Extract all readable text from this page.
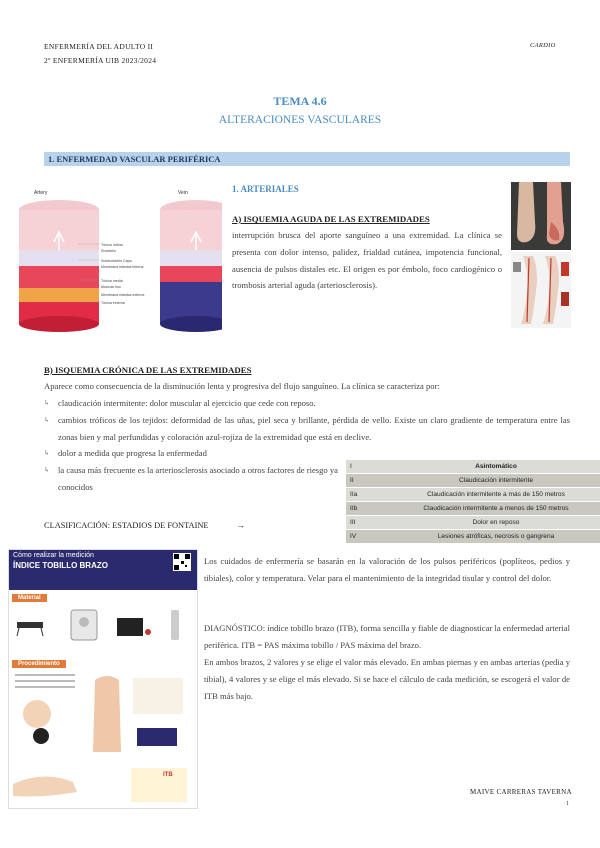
ENFERMERÍA DEL ADULTO II
2º ENFERMERÍA UIB 2023/2024
CARDIO
TEMA 4.6
ALTERACIONES VASCULARES
1. ENFERMEDAD VASCULAR PERIFÉRICA
Artery	Vein
Túnica íntima
Endotelio
Subendotelio Capa
Membrana elástica interna
Túnica media
Músculo liso
Membrana elástica externa
Túnica externa
1. ARTERIALES
A) ISQUEMIA AGUDA DE LAS EXTREMIDADES
interrupción brusca del aporte sanguíneo a una extremidad. La clínica se presenta con dolor intenso, palidez, frialdad cutánea, impotencia funcional, ausencia de pulsos distales etc. El origen es por émbolo, foco cardiogénico o trombosis arterial aguda (arteriosclerosis).
B) ISQUEMIA CRÓNICA DE LAS EXTREMIDADES
Aparece como consecuencia de la disminución lenta y progresiva del flujo sanguíneo. La clínica se caracteriza por:
↳ claudicación intermitente: dolor muscular al ejercicio que cede con reposo.
↳ cambios tróficos de los tejidos: deformidad de las uñas, piel seca y brillante, pérdida de vello. Existe un claro gradiente de temperatura entre las zonas bien y mal perfundidas y coloración azul-rojiza de la extremidad que está en declive.
↳ dolor a medida que progresa la enfermedad
↳ la causa más frecuente es la arteriosclerosis asociado a otros factores de riesgo ya conocidos
CLASIFICACIÓN: ESTADIOS DE FONTAINE	→
I	Asintomático
II	Claudicación intermitente
IIa	Claudicación intermitente a más de 150 metros
IIb	Claudicación intermitente a menos de 150 metros
III	Dolor en reposo
IV	Lesiones atróficas, necrosis o gangrena
Cómo realizar la medición
ÍNDICE TOBILLO BRAZO
Material
Procedimiento
ITB
Los cuidados de enfermería se basarán en la valoración de los pulsos periféricos (poplíteos, pedios y tibiales), color y temperatura. Velar para el mantenimiento de la integridad tisular y control del dolor.
DIAGNÓSTICO: índice tobillo brazo (ITB), forma sencilla y fiable de diagnosticar la enfermedad arterial periférica. ITB = PAS máxima tobillo / PAS máxima del brazo.
En ambos brazos, 2 valores y se elige el valor más elevado. En ambas piernas y en ambas arterias (pedia y tibial), 4 valores y se elige el más elevado. Si se hace el cálculo de cada medición, se escogerá el valor de ITB más bajo.
MAIVE CARRERAS TAVERNA
1
